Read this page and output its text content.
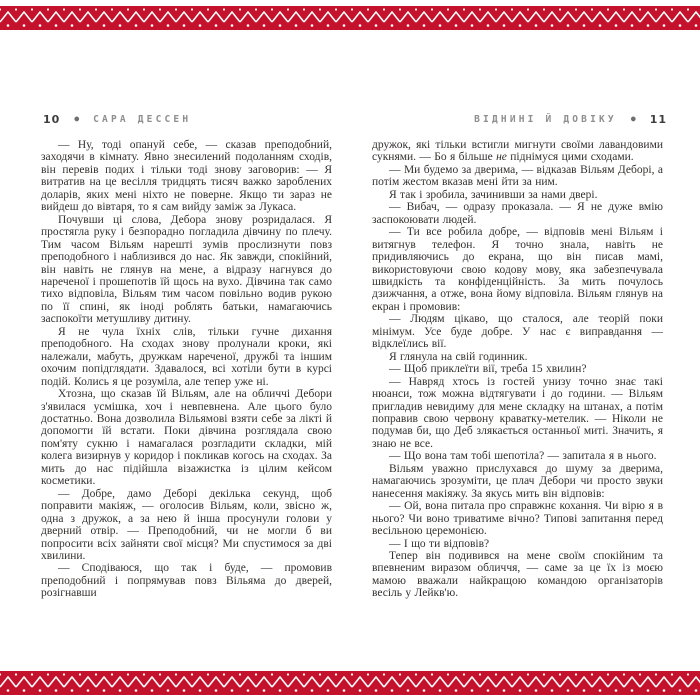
10 ● САРА ДЕССЕН	ВІДНИНІ Й ДОВІКУ ● 11

— Ну, тоді опануй себе, — сказав преподобний, заходячи в кімнату. Явно знесилений подоланням сходів, він перевів подих і тільки тоді знову заговорив: — Я витратив на це весілля тридцять тисяч важко зароблених доларів, яких мені ніхто не поверне. Якщо ти зараз не вийдеш до вівтаря, то я сам вийду заміж за Лукаса.

Почувши ці слова, Дебора знову розридалася. Я простягла руку і безпорадно погладила дівчину по плечу. Тим часом Вільям нарешті зумів прослизнути повз преподобного і наблизився до нас. Як завжди, спокійний, він навіть не глянув на мене, а відразу нагнувся до нареченої і прошепотів їй щось на вухо. Дівчина так само тихо відповіла, Вільям тим часом повільно водив рукою по її спині, як іноді роблять батьки, намагаючись заспокоїти метушливу дитину.

Я не чула їхніх слів, тільки гучне дихання преподобного. На сходах знову пролунали кроки, які належали, мабуть, дружкам нареченої, дружбі та іншим охочим попідглядати. Здавалося, всі хотіли бути в курсі подій. Колись я це розуміла, але тепер уже ні.

Хтозна, що сказав їй Вільям, але на обличчі Дебори з'явилася усмішка, хоч і невпевнена. Але цього було достатньо. Вона дозволила Вільямові взяти себе за лікті й допомогти їй встати. Поки дівчина розглядала свою пом'яту сукню і намагалася розгладити складки, мій колега визирнув у коридор і покликав когось на сходах. За мить до нас підійшла візажистка із цілим кейсом косметики.

— Добре, дамо Деборі декілька секунд, щоб поправити макіяж, — оголосив Вільям, коли, звісно ж, одна з дружок, а за нею й інша просунули голови у дверний отвір. — Преподобний, чи не могли б ви попросити всіх зайняти свої місця? Ми спустимося за дві хвилини.

— Сподіваюся, що так і буде, — промовив преподобний і попрямував повз Вільяма до дверей, розігнавши

дружок, які тільки встигли мигнути своїми лавандовими сукнями. — Бо я більше не піднімуся цими сходами.

— Ми будемо за дверима, — відказав Вільям Деборі, а потім жестом вказав мені йти за ним.

Я так і зробила, зачинивши за нами двері.

— Вибач, — одразу проказала. — Я не дуже вмію заспокоювати людей.

— Ти все робила добре, — відповів мені Вільям і витягнув телефон. Я точно знала, навіть не придивляючись до екрана, що він писав мамі, використовуючи свою кодову мову, яка забезпечувала швидкість та конфіденційність. За мить почулось дзижчання, а отже, вона йому відповіла. Вільям глянув на екран і промовив:

— Людям цікаво, що сталося, але теорій поки мінімум. Усе буде добре. У нас є виправдання — відклеїлись вії.

Я глянула на свій годинник.

— Щоб приклеїти вії, треба 15 хвилин?

— Навряд хтось із гостей унизу точно знає такі нюанси, тож можна відтягувати і до години. — Вільям пригладив невидиму для мене складку на штанах, а потім поправив свою червону краватку-метелик. — Ніколи не подумав би, що Деб злякається останньої миті. Значить, я знаю не все.

— Що вона там тобі шепотіла? — запитала я в нього.

Вільям уважно прислухався до шуму за дверима, намагаючись зрозуміти, це плач Дебори чи просто звуки нанесення макіяжу. За якусь мить він відповів:

— Ой, вона питала про справжнє кохання. Чи вірю я в нього? Чи воно триватиме вічно? Типові запитання перед весільною церемонією.

— І що ти відповів?

Тепер він подивився на мене своїм спокійним та впевненим виразом обличчя, — саме за це їх із моєю мамою вважали найкращою командою організаторів весіль у Лейкв'ю.
